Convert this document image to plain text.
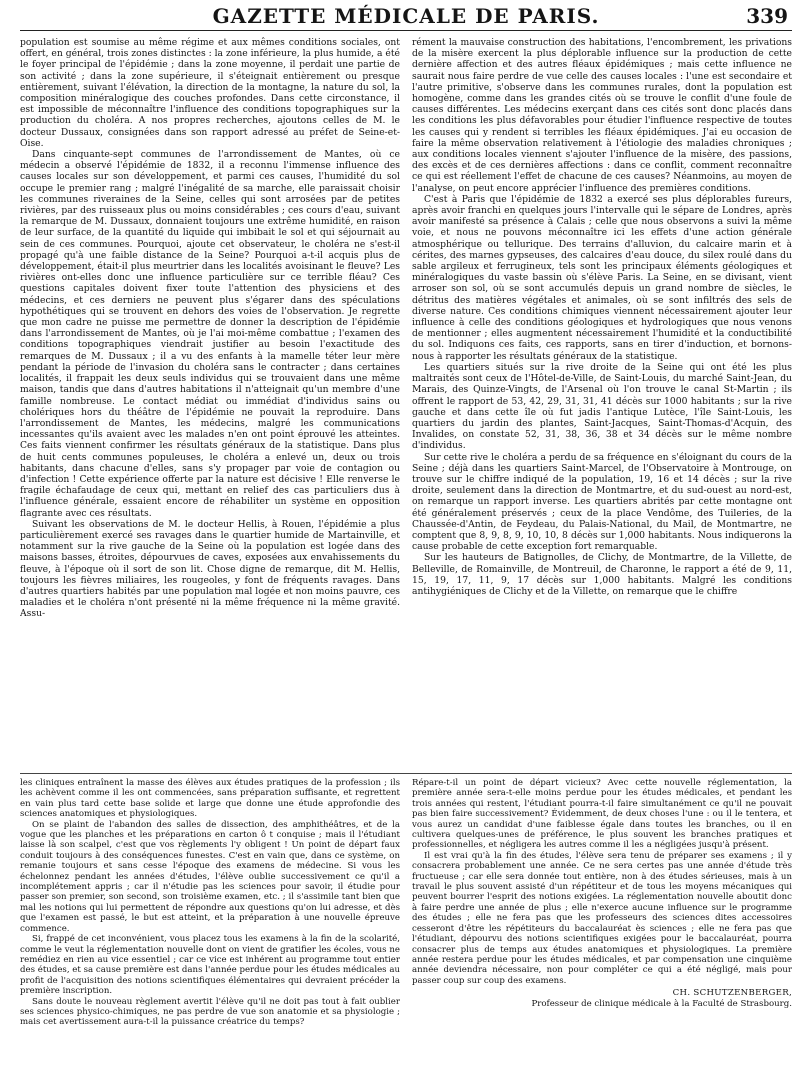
GAZETTE MÉDICALE DE PARIS.	339

population est soumise au même régime et aux mêmes conditions sociales, ont offert, en général, trois zones distinctes : la zone inférieure, la plus humide, a été le foyer principal de l'épidémie ; dans la zone moyenne, il perdait une partie de son activité ; dans la zone supérieure, il s'éteignait entièrement ou presque entièrement, suivant l'élévation, la direction de la montagne, la nature du sol, la composition minéralogique des couches profondes. Dans cette circonstance, il est impossible de méconnaître l'influence des conditions topographiques sur la production du choléra. A nos propres recherches, ajoutons celles de M. le docteur Dussaux, consignées dans son rapport adressé au préfet de Seine-et-Oise.

Dans cinquante-sept communes de l'arrondissement de Mantes, où ce médecin a observé l'épidémie de 1832, il a reconnu l'immense influence des causes locales sur son développement, et parmi ces causes, l'humidité du sol occupe le premier rang ; malgré l'inégalité de sa marche, elle paraissait choisir les communes riveraines de la Seine, celles qui sont arrosées par de petites rivières, par des ruisseaux plus ou moins considérables ; ces cours d'eau, suivant la remarque de M. Dussaux, donnaient toujours une extrême humidité, en raison de leur surface, de la quantité du liquide qui imbibait le sol et qui séjournait au sein de ces communes. Pourquoi, ajoute cet observateur, le choléra ne s'est-il propagé qu'à une faible distance de la Seine? Pourquoi a-t-il acquis plus de développement, était-il plus meurtrier dans les localités avoisinant le fleuve? Les rivières ont-elles donc une influence particulière sur ce terrible fléau? Ces questions capitales doivent fixer toute l'attention des physiciens et des médecins, et ces derniers ne peuvent plus s'égarer dans des spéculations hypothétiques qui se trouvent en dehors des voies de l'observation. Je regrette que mon cadre ne puisse me permettre de donner la description de l'épidémie dans l'arrondissement de Mantes, où je l'ai moi-même combattue ; l'examen des conditions topographiques viendrait justifier au besoin l'exactitude des remarques de M. Dussaux ; il a vu des enfants à la mamelle téter leur mère pendant la période de l'invasion du choléra sans le contracter ; dans certaines localités, il frappait les deux seuls individus qui se trouvaient dans une même maison, tandis que dans d'autres habitations il n'atteignait qu'un membre d'une famille nombreuse. Le contact médiat ou immédiat d'individus sains ou cholériques hors du théâtre de l'épidémie ne pouvait la reproduire. Dans l'arrondissement de Mantes, les médecins, malgré les communications incessantes qu'ils avaient avec les malades n'en ont point éprouvé les atteintes. Ces faits viennent confirmer les résultats généraux de la statistique. Dans plus de huit cents communes populeuses, le choléra a enlevé un, deux ou trois habitants, dans chacune d'elles, sans s'y propager par voie de contagion ou d'infection ! Cette expérience offerte par la nature est décisive ! Elle renverse le fragile échafaudage de ceux qui, mettant en relief des cas particuliers dus à l'influence générale, essaient encore de réhabiliter un système en opposition flagrante avec ces résultats.

Suivant les observations de M. le docteur Hellis, à Rouen, l'épidémie a plus particulièrement exercé ses ravages dans le quartier humide de Martainville, et notamment sur la rive gauche de la Seine où la population est logée dans des maisons basses, étroites, dépourvues de caves, exposées aux envahissements du fleuve, à l'époque où il sort de son lit. Chose digne de remarque, dit M. Hellis, toujours les fièvres miliaires, les rougeoles, y font de fréquents ravages. Dans d'autres quartiers habités par une population mal logée et non moins pauvre, ces maladies et le choléra n'ont présenté ni la même fréquence ni la même gravité. Assu-

rément la mauvaise construction des habitations, l'encombrement, les privations de la misère exercent la plus déplorable influence sur la production de cette dernière affection et des autres fléaux épidémiques ; mais cette influence ne saurait nous faire perdre de vue celle des causes locales : l'une est secondaire et l'autre primitive, s'observe dans les communes rurales, dont la population est homogène, comme dans les grandes cités où se trouve le conflit d'une foule de causes différentes. Les médecins exerçant dans ces cités sont donc placés dans les conditions les plus défavorables pour étudier l'influence respective de toutes les causes qui y rendent si terribles les fléaux épidémiques. J'ai eu occasion de faire la même observation relativement à l'étiologie des maladies chroniques ; aux conditions locales viennent s'ajouter l'influence de la misère, des passions, des excès et de ces dernières affections : dans ce conflit, comment reconnaître ce qui est réellement l'effet de chacune de ces causes? Néanmoins, au moyen de l'analyse, on peut encore apprécier l'influence des premières conditions.

C'est à Paris que l'épidémie de 1832 a exercé ses plus déplorables fureurs, après avoir franchi en quelques jours l'intervalle qui le sépare de Londres, après avoir manifesté sa présence à Calais ; celle que nous observons a suivi la même voie, et nous ne pouvons méconnaître ici les effets d'une action générale atmosphérique ou tellurique. Des terrains d'alluvion, du calcaire marin et à cérites, des marnes gypseuses, des calcaires d'eau douce, du silex roulé dans du sable argileux et ferrugineux, tels sont les principaux éléments géologiques et minéralogiques du vaste bassin où s'élève Paris. La Seine, en se divisant, vient arroser son sol, où se sont accumulés depuis un grand nombre de siècles, le détritus des matières végétales et animales, où se sont infiltrés des sels de diverse nature. Ces conditions chimiques viennent nécessairement ajouter leur influence à celle des conditions géologiques et hydrologiques que nous venons de mentionner ; elles augmentent nécessairement l'humidité et la conductibilité du sol. Indiquons ces faits, ces rapports, sans en tirer d'induction, et bornons-nous à rapporter les résultats généraux de la statistique.

Les quartiers situés sur la rive droite de la Seine qui ont été les plus maltraités sont ceux de l'Hôtel-de-Ville, de Saint-Louis, du marché Saint-Jean, du Marais, des Quinze-Vingts, de l'Arsenal où l'on trouve le canal St-Martin ; ils offrent le rapport de 53, 42, 29, 31, 31, 41 décès sur 1000 habitants ; sur la rive gauche et dans cette île où fut jadis l'antique Lutèce, l'île Saint-Louis, les quartiers du jardin des plantes, Saint-Jacques, Saint-Thomas-d'Acquin, des Invalides, on constate 52, 31, 38, 36, 38 et 34 décès sur le même nombre d'individus.

Sur cette rive le choléra a perdu de sa fréquence en s'éloignant du cours de la Seine ; déjà dans les quartiers Saint-Marcel, de l'Observatoire à Montrouge, on trouve sur le chiffre indiqué de la population, 19, 16 et 14 décès ; sur la rive droite, seulement dans la direction de Montmartre, et du sud-ouest au nord-est, on remarque un rapport inverse. Les quartiers abrités par cette montagne ont été généralement préservés ; ceux de la place Vendôme, des Tuileries, de la Chaussée-d'Antin, de Feydeau, du Palais-National, du Mail, de Montmartre, ne comptent que 8, 9, 8, 9, 10, 10, 8 décès sur 1,000 habitants. Nous indiquerons la cause probable de cette exception fort remarquable.

Sur les hauteurs de Batignolles, de Clichy, de Montmartre, de la Villette, de Belleville, de Romainville, de Montreuil, de Charonne, le rapport a été de 9, 11, 15, 19, 17, 11, 9, 17 décès sur 1,000 habitants. Malgré les conditions antihygiéniques de Clichy et de la Villette, on remarque que le chiffre

les cliniques entraînent la masse des élèves aux études pratiques de la profession ; ils les achèvent comme il les ont commencées, sans préparation suffisante, et regrettent en vain plus tard cette base solide et large que donne une étude approfondie des sciences anatomiques et physiologiques.

On se plaint de l'abandon des salles de dissection, des amphithéâtres, et de la vogue que les planches et les préparations en carton ô t conquise ; mais il l'étudiant laisse là son scalpel, c'est que vos règlements l'y obligent ! Un point de départ faux conduit toujours à des conséquences funestes. C'est en vain que, dans ce système, on remanie toujours et sans cesse l'époque des examens de médecine. Si vous les échelonnez pendant les années d'études, l'élève oublie successivement ce qu'il a incomplétement appris ; car il n'étudie pas les sciences pour savoir, il étudie pour passer son premier, son second, son troisième examen, etc. ; il s'assimile tant bien que mal les notions qui lui permettent de répondre aux questions qu'on lui adresse, et dès que l'examen est passé, le but est atteint, et la préparation à une nouvelle épreuve commence.

Si, frappé de cet inconvénient, vous placez tous les examens à la fin de la scolarité, comme le veut la réglementation nouvelle dont on vient de gratifier les écoles, vous ne remédiez en rien au vice essentiel ; car ce vice est inhérent au programme tout entier des études, et sa cause première est dans l'année perdue pour les études médicales au profit de l'acquisition des notions scientifiques élémentaires qui devraient précéder la première inscription.

Sans doute le nouveau règlement avertit l'élève qu'il ne doit pas tout à fait oublier ses sciences physico-chimiques, ne pas perdre de vue son anatomie et sa physiologie ; mais cet avertissement aura-t-il la puissance créatrice du temps?

Répare-t-il un point de départ vicieux? Avec cette nouvelle réglementation, la première année sera-t-elle moins perdue pour les études médicales, et pendant les trois années qui restent, l'étudiant pourra-t-il faire simultanément ce qu'il ne pouvait pas bien faire successivement? Évidemment, de deux choses l'une : ou il le tentera, et vous aurez un candidat d'une faiblesse égale dans toutes les branches, ou il en cultivera quelques-unes de préférence, le plus souvent les branches pratiques et professionnelles, et négligera les autres comme il les a négligées jusqu'à présent.

Il est vrai qu'à la fin des études, l'élève sera tenu de préparer ses examens ; il y consacrera probablement une année. Ce ne sera certes pas une année d'étude très fructueuse ; car elle sera donnée tout entière, non à des études sérieuses, mais à un travail le plus souvent assisté d'un répétiteur et de tous les moyens mécaniques qui peuvent bourrer l'esprit des notions exigées. La réglementation nouvelle aboutit donc à faire perdre une année de plus ; elle n'exerce aucune influence sur le programme des études ; elle ne fera pas que les professeurs des sciences dites accessoires cesseront d'être les répétiteurs du baccalauréat ès sciences ; elle ne fera pas que l'étudiant, dépourvu des notions scientifiques exigées pour le baccalauréat, pourra consacrer plus de temps aux études anatomiques et physiologiques. La première année restera perdue pour les études médicales, et par compensation une cinquième année deviendra nécessaire, non pour compléter ce qui a été négligé, mais pour passer coup sur coup des examens.

CH. SCHUTZENBERGER,
Professeur de clinique médicale à la Faculté de Strasbourg.
